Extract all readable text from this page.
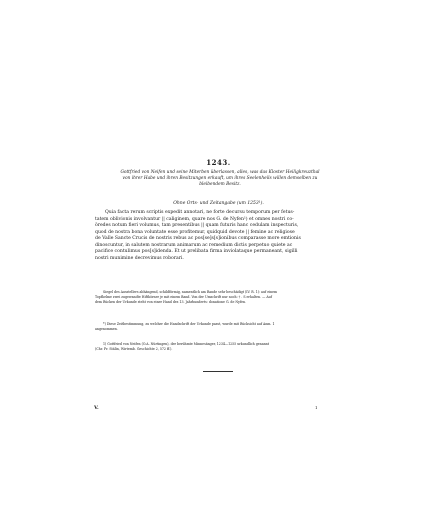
1243.
Gottfried von Neifen und seine Miterben überlassen, alles, was das Kloster Heiligkreuzthal
von ihrer Habe und ihren Besitzungen erkauft, um ihres Seelenheils willen demselben zu
bleibendem Besitz.
Ohne Orts- und Zeitangabe (um 1253¹).
Quia facta rerum scriptis expedit annotari, ne forte decursu temporum per fetus-
tatem oblivionis involvantur || caliginem, quare nos G. de Nyfen¹) et omnes nostri co-
ӧredes notum fieri volumus, tam presentibus || quam futuris hanc cedulam inspecturis,
quod de nostra bona voluntate esse profitemur, quidquid devote || femine ac religiose
de Valle Sancte Crucis de nostris rebus ac pos[se]s[s]ionibus comparasse more emtionis
dinoscuntur, in salutem nostrarum animarum ac remedium dictis perpetuo quiete ac
pacifice contulimus pos[s]idenda. Et ut prelibata firma inviolataque permaneant, sigilli
nostri munimine decrevimus roborari.
Siegel des Ausstellers abhängend, schildförmig, namentlich am Rande sehr beschädigt (IV. R. 1): auf einem
Topfhelme zwei zugewandte Hifthörner je mit einem Band. Von der Umschrift nur noch: † . S erhalten. — Auf
dem Rücken der Urkunde steht von einer Hand des 13. Jahrhunderts: donatione G. de Nyfen.
*) Diese Zeitbestimmung, zu welcher die Handschrift der Urkunde passt, wurde mit Rücksicht auf Anm. 1
angenommen.
1) Gottfried von Neifen (O.A. Nürtingen), der berühmte Minnesänger, 1234—1255 urkundlich genannt
(Chr. Fr. Stälin, Wirtemb. Geschichte 2, 572 ff.).
V.	1
